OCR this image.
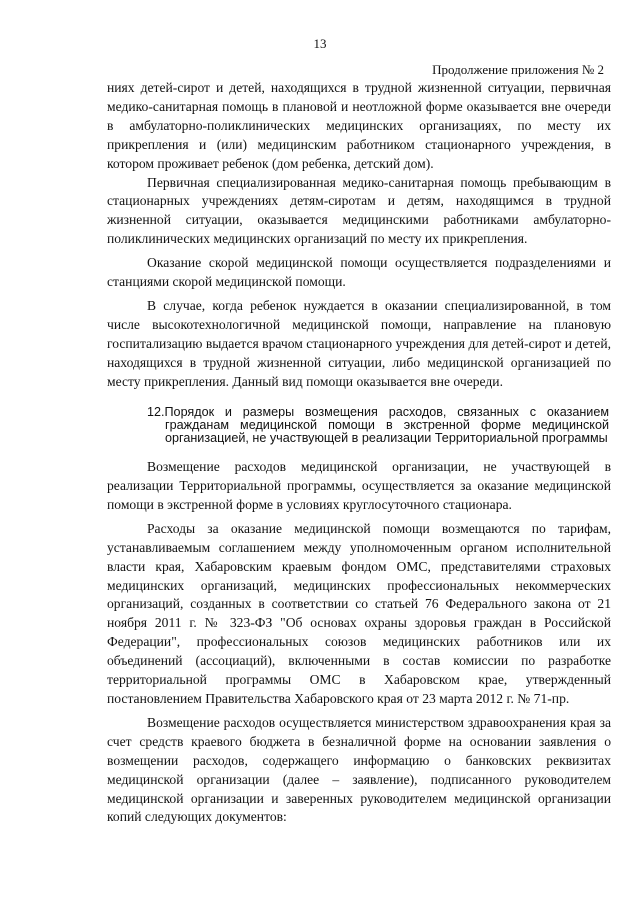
13
Продолжение приложения № 2

ниях детей-сирот и детей, находящихся в трудной жизненной ситуации, первичная медико-санитарная помощь в плановой и неотложной форме оказывается вне очереди в амбулаторно-поликлинических медицинских организациях, по месту их прикрепления и (или) медицинским работником стационарного учреждения, в котором проживает ребенок (дом ребенка, детский дом).

Первичная специализированная медико-санитарная помощь пребывающим в стационарных учреждениях детям-сиротам и детям, находящимся в трудной жизненной ситуации, оказывается медицинскими работниками амбулаторно-поликлинических медицинских организаций по месту их прикрепления.

Оказание скорой медицинской помощи осуществляется подразделениями и станциями скорой медицинской помощи.

В случае, когда ребенок нуждается в оказании специализированной, в том числе высокотехнологичной медицинской помощи, направление на плановую госпитализацию выдается врачом стационарного учреждения для детей-сирот и детей, находящихся в трудной жизненной ситуации, либо медицинской организацией по месту прикрепления. Данный вид помощи оказывается вне очереди.

12.Порядок и размеры возмещения расходов, связанных с оказанием гражданам медицинской помощи в экстренной форме медицинской организацией, не участвующей в реализации Территориальной программы

Возмещение расходов медицинской организации, не участвующей в реализации Территориальной программы, осуществляется за оказание медицинской помощи в экстренной форме в условиях круглосуточного стационара.

Расходы за оказание медицинской помощи возмещаются по тарифам, устанавливаемым соглашением между уполномоченным органом исполнительной власти края, Хабаровским краевым фондом ОМС, представителями страховых медицинских организаций, медицинских профессиональных некоммерческих организаций, созданных в соответствии со статьей 76 Федерального закона от 21 ноября 2011 г. № 323-ФЗ "Об основах охраны здоровья граждан в Российской Федерации", профессиональных союзов медицинских работников или их объединений (ассоциаций), включенными в состав комиссии по разработке территориальной программы ОМС в Хабаровском крае, утвержденный постановлением Правительства Хабаровского края от 23 марта 2012 г. № 71-пр.

Возмещение расходов осуществляется министерством здравоохранения края за счет средств краевого бюджета в безналичной форме на основании заявления о возмещении расходов, содержащего информацию о банковских реквизитах медицинской организации (далее – заявление), подписанного руководителем медицинской организации и заверенных руководителем медицинской организации копий следующих документов:
